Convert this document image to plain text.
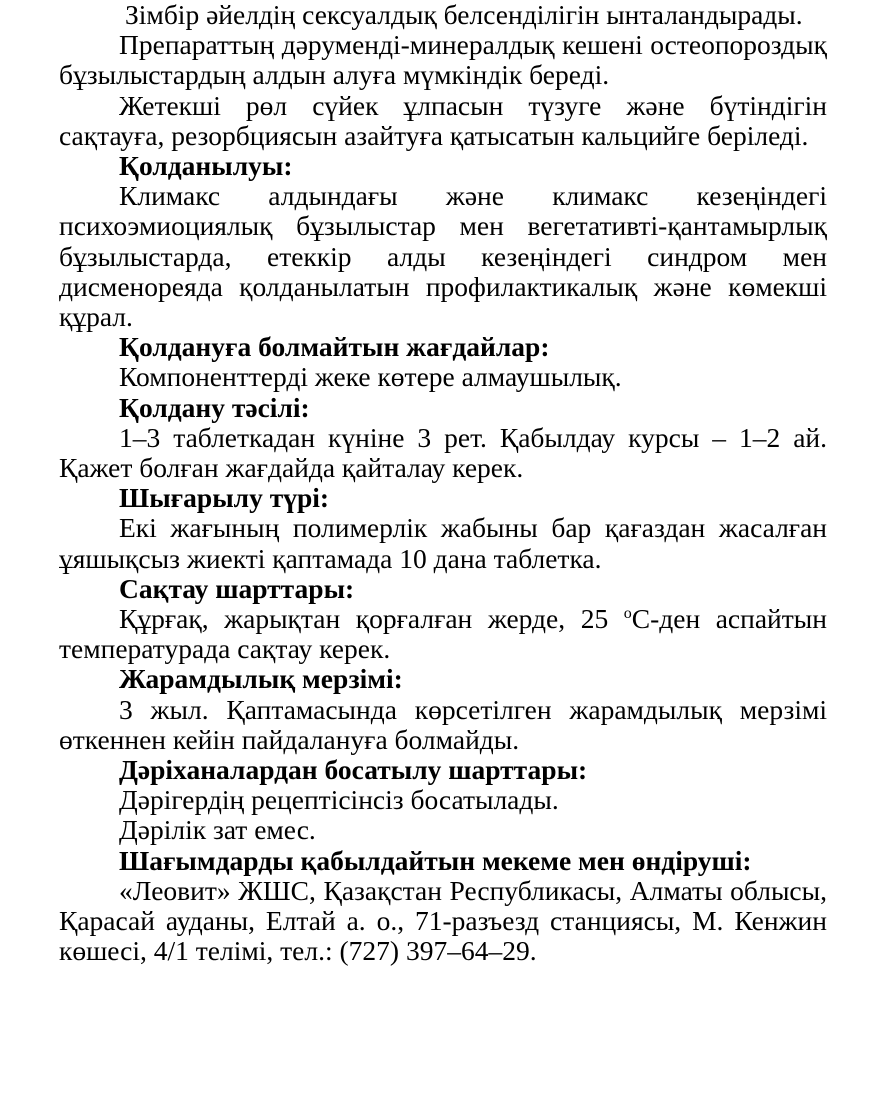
Зімбір әйелдің сексуалдық белсенділігін ынталандырады.

Препараттың дәруменді-минералдық кешені остеопороздық бұзылыстардың алдын алуға мүмкіндік береді.

Жетекші рөл сүйек ұлпасын түзуге және бүтіндігін сақтауға, резорбциясын азайтуға қатысатын кальцийге беріледі.

Қолданылуы:

Климакс алдындағы және климакс кезеңіндегі психоэмиоциялық бұзылыстар мен вегетативті-қантамырлық бұзылыстарда, етеккір алды кезеңіндегі синдром мен дисменореяда қолданылатын профилактикалық және көмекші құрал.

Қолдануға болмайтын жағдайлар:

Компоненттерді жеке көтере алмаушылық.

Қолдану тәсілі:

1–3 таблеткадан күніне 3 рет. Қабылдау курсы – 1–2 ай. Қажет болған жағдайда қайталау керек.

Шығарылу түрі:

Екі жағының полимерлік жабыны бар қағаздан жасалған ұяшықсыз жиекті қаптамада 10 дана таблетка.

Сақтау шарттары:

Құрғақ, жарықтан қорғалған жерде, 25 $^o$С-ден аспайтын температурада сақтау керек.

Жарамдылық мерзімі:

3 жыл. Қаптамасында көрсетілген жарамдылық мерзімі өткеннен кейін пайдалануға болмайды.

Дәріханалардан босатылу шарттары:

Дәрігердің рецептісінсіз босатылады.

Дәрілік зат емес.

Шағымдарды қабылдайтын мекеме мен өндіруші:

«Леовит» ЖШС, Қазақстан Республикасы, Алматы облысы, Қарасай ауданы, Елтай а. о., 71-разъезд станциясы, М. Кенжин көшесі, 4/1 телімі, тел.: (727) 397–64–29.
